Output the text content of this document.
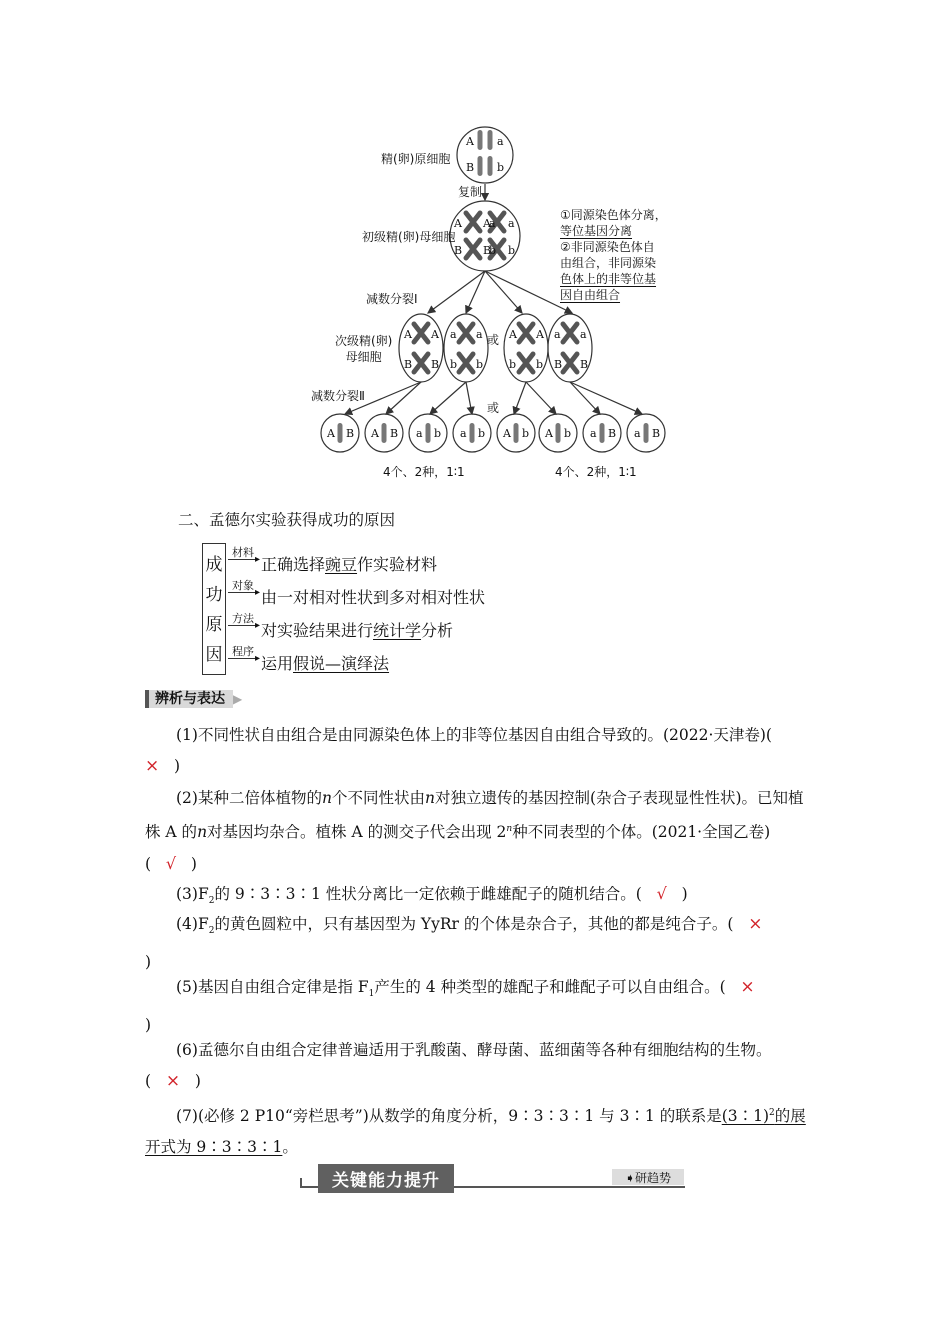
A a
B b
A A
a a
B B
b b
A A
B B
a a
b b
A A
b b
a a
B B
A B A B a b a b A b A b a B a B
精(卵)原细胞
复制
初级精(卵)母细胞
①同源染色体分离，
等位基因分离
②非同源染色体自
由组合，非同源染
色体上的非等位基
因自由组合
减数分裂Ⅰ
次级精(卵)
母细胞
或
减数分裂Ⅱ
或
4个、2种，1∶1	4个、2种，1∶1
二、孟德尔实验获得成功的原因
成
功
原
因
材料
▸ 正确选择豌豆作实验材料
对象
▸ 由一对相对性状到多对相对性状
方法
▸ 对实验结果进行统计学分析
程序
▸ 运用假说—演绎法
辨析与表达 ▶
(1)不同性状自由组合是由同源染色体上的非等位基因自由组合导致的。(2022·天津卷)(
× )
(2)某种二倍体植物的n个不同性状由n对独立遗传的基因控制(杂合子表现显性性状)。已知植株 A 的n对基因均杂合。植株 A 的测交子代会出现 2$^n$种不同表型的个体。(2021·全国乙卷)( √ )
$(3)F_2$的 9∶3∶3∶1 性状分离比一定依赖于雌雄配子的随机结合。( √ )
$(4)F_2$的黄色圆粒中，只有基因型为 YyRr 的个体是杂合子，其他的都是纯合子。( ×
)
(5)基因自由组合定律是指 $F_1$产生的 4 种类型的雄配子和雌配子可以自由组合。( ×
)
(6)孟德尔自由组合定律普遍适用于乳酸菌、酵母菌、蓝细菌等各种有细胞结构的生物。( × )
(7)(必修 2 P10“旁栏思考”)从数学的角度分析，9∶3∶3∶1 与 3∶1 的联系是(3∶1)$^2$的展开式为 9∶3∶3∶1。
关键能力提升	➧研趋势
